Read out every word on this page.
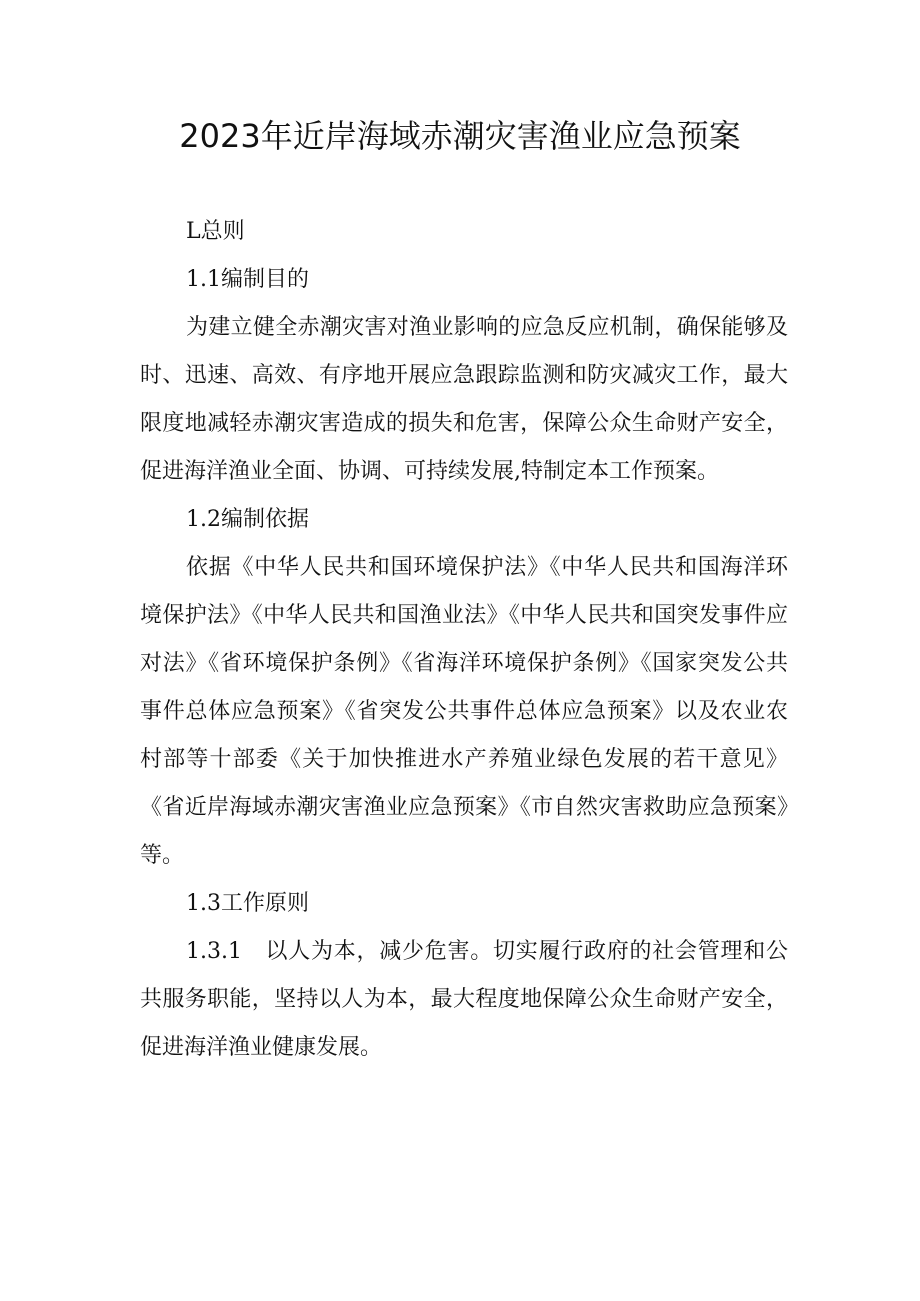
2023年近岸海域赤潮灾害渔业应急预案

L总则

1.1编制目的

为建立健全赤潮灾害对渔业影响的应急反应机制，确保能够及时、迅速、高效、有序地开展应急跟踪监测和防灾减灾工作，最大限度地减轻赤潮灾害造成的损失和危害，保障公众生命财产安全，促进海洋渔业全面、协调、可持续发展,特制定本工作预案。

1.2编制依据

依据《中华人民共和国环境保护法》《中华人民共和国海洋环境保护法》《中华人民共和国渔业法》《中华人民共和国突发事件应对法》《省环境保护条例》《省海洋环境保护条例》《国家突发公共事件总体应急预案》《省突发公共事件总体应急预案》以及农业农村部等十部委《关于加快推进水产养殖业绿色发展的若干意见》《省近岸海域赤潮灾害渔业应急预案》《市自然灾害救助应急预案》等。

1.3工作原则

1.3.1　以人为本，减少危害。切实履行政府的社会管理和公共服务职能，坚持以人为本，最大程度地保障公众生命财产安全，促进海洋渔业健康发展。
